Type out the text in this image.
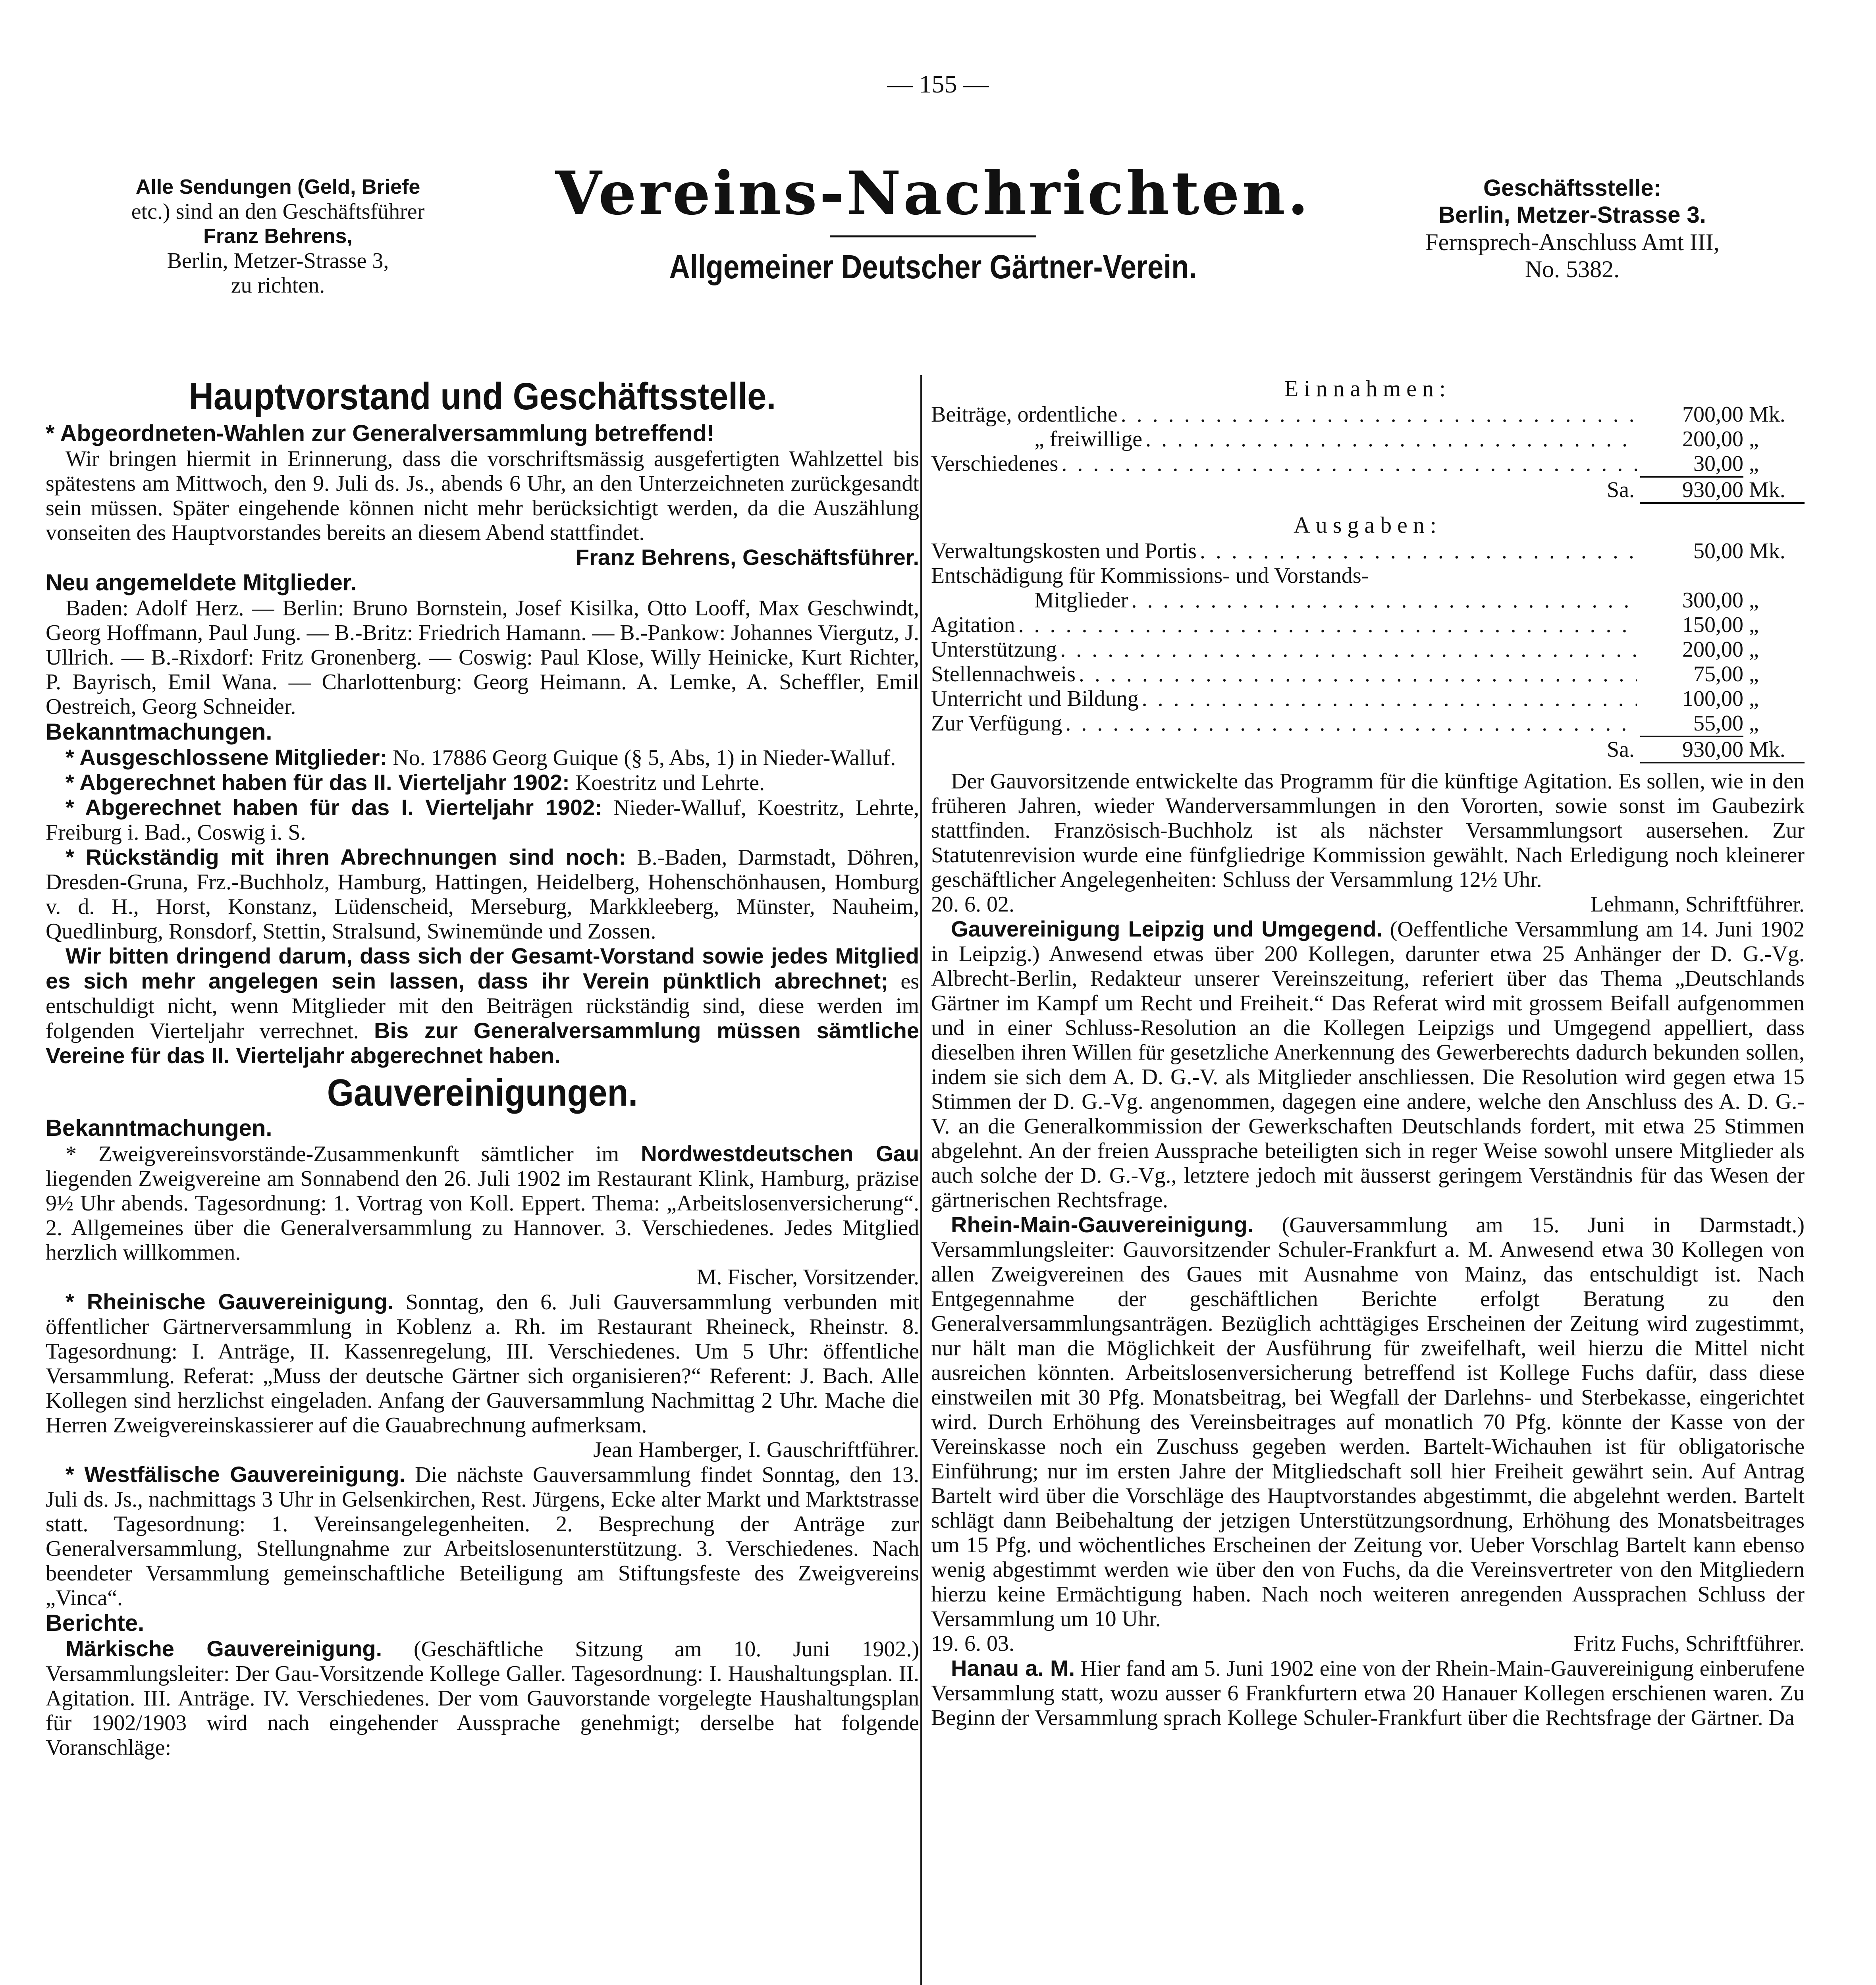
— 155 —
Alle Sendungen (Geld, Briefe
etc.) sind an den Geschäftsführer
Franz Behrens,
Berlin, Metzer-Strasse 3,
zu richten.
Vereins-Nachrichten.
Allgemeiner Deutscher Gärtner-Verein.
Geschäftsstelle:
Berlin, Metzer-Strasse 3.
Fernsprech-Anschluss Amt III,
No. 5382.
Hauptvorstand und Geschäftsstelle.

* Abgeordneten-Wahlen zur Generalversammlung betreffend!

Wir bringen hiermit in Erinnerung, dass die vorschriftsmässig ausgefertigten Wahlzettel bis spätestens am Mittwoch, den 9. Juli ds. Js., abends 6 Uhr, an den Unterzeichneten zurückgesandt sein müssen. Später eingehende können nicht mehr berücksichtigt werden, da die Auszählung vonseiten des Hauptvorstandes bereits an diesem Abend stattfindet.

Franz Behrens, Geschäftsführer.

Neu angemeldete Mitglieder.

Baden: Adolf Herz. — Berlin: Bruno Bornstein, Josef Kisilka, Otto Looff, Max Geschwindt, Georg Hoffmann, Paul Jung. — B.-Britz: Friedrich Hamann. — B.-Pankow: Johannes Viergutz, J. Ullrich. — B.-Rixdorf: Fritz Gronenberg. — Coswig: Paul Klose, Willy Heinicke, Kurt Richter, P. Bayrisch, Emil Wana. — Charlottenburg: Georg Heimann. A. Lemke, A. Scheffler, Emil Oestreich, Georg Schneider.

Bekanntmachungen.

* Ausgeschlossene Mitglieder: No. 17886 Georg Guique (§ 5, Abs, 1) in Nieder-Walluf.

* Abgerechnet haben für das II. Vierteljahr 1902: Koestritz und Lehrte.

* Abgerechnet haben für das I. Vierteljahr 1902: Nieder-Walluf, Koestritz, Lehrte, Freiburg i. Bad., Coswig i. S.

* Rückständig mit ihren Abrechnungen sind noch: B.-Baden, Darmstadt, Döhren, Dresden-Gruna, Frz.-Buchholz, Hamburg, Hattingen, Heidelberg, Hohenschönhausen, Homburg v. d. H., Horst, Konstanz, Lüdenscheid, Merseburg, Markkleeberg, Münster, Nauheim, Quedlinburg, Ronsdorf, Stettin, Stralsund, Swinemünde und Zossen.

Wir bitten dringend darum, dass sich der Gesamt-Vorstand sowie jedes Mitglied es sich mehr angelegen sein lassen, dass ihr Verein pünktlich abrechnet; es entschuldigt nicht, wenn Mitglieder mit den Beiträgen rückständig sind, diese werden im folgenden Vierteljahr verrechnet. Bis zur Generalversammlung müssen sämtliche Vereine für das II. Vierteljahr abgerechnet haben.

Gauvereinigungen.

Bekanntmachungen.

* Zweigvereinsvorstände-Zusammenkunft sämtlicher im Nordwestdeutschen Gau liegenden Zweigvereine am Sonnabend den 26. Juli 1902 im Restaurant Klink, Hamburg, präzise 9½ Uhr abends. Tagesordnung: 1. Vortrag von Koll. Eppert. Thema: „Arbeitslosenversicherung“. 2. Allgemeines über die Generalversammlung zu Hannover. 3. Verschiedenes. Jedes Mitglied herzlich willkommen.

M. Fischer, Vorsitzender.

* Rheinische Gauvereinigung. Sonntag, den 6. Juli Gauversammlung verbunden mit öffentlicher Gärtnerversammlung in Koblenz a. Rh. im Restaurant Rheineck, Rheinstr. 8. Tagesordnung: I. Anträge, II. Kassenregelung, III. Verschiedenes. Um 5 Uhr: öffentliche Versammlung. Referat: „Muss der deutsche Gärtner sich organisieren?“ Referent: J. Bach. Alle Kollegen sind herzlichst eingeladen. Anfang der Gauversammlung Nachmittag 2 Uhr. Mache die Herren Zweigvereinskassierer auf die Gauabrechnung aufmerksam.

Jean Hamberger, I. Gauschriftführer.

* Westfälische Gauvereinigung. Die nächste Gauversammlung findet Sonntag, den 13. Juli ds. Js., nachmittags 3 Uhr in Gelsenkirchen, Rest. Jürgens, Ecke alter Markt und Marktstrasse statt. Tagesordnung: 1. Vereinsangelegenheiten. 2. Besprechung der Anträge zur Generalversammlung, Stellungnahme zur Arbeitslosenunterstützung. 3. Verschiedenes. Nach beendeter Versammlung gemeinschaftliche Beteiligung am Stiftungsfeste des Zweigvereins „Vinca“.

Berichte.

Märkische Gauvereinigung. (Geschäftliche Sitzung am 10. Juni 1902.) Versammlungsleiter: Der Gau-Vorsitzende Kollege Galler. Tagesordnung: I. Haushaltungsplan. II. Agitation. III. Anträge. IV. Verschiedenes. Der vom Gauvorstande vorgelegte Haushaltungsplan für 1902/1903 wird nach eingehender Aussprache genehmigt; derselbe hat folgende Voranschläge:

Einnahmen:
Beiträge, ordentliche . . .	700,00 Mk.
„ freiwillige . . .	200,00 „
Verschiedenes . . .	30,00 „
Sa.
	930,00 Mk.
Ausgaben:
Verwaltungskosten und Portis . . .	50,00 Mk.
Entschädigung für Kommissions- und Vorstands-
Mitglieder . . .	300,00 „
Agitation . . .	150,00 „
Unterstützung . . .	200,00 „
Stellennachweis . . .	75,00 „
Unterricht und Bildung . . .	100,00 „
Zur Verfügung . . .	55,00 „
Sa.
	930,00 Mk.

Der Gauvorsitzende entwickelte das Programm für die künftige Agitation. Es sollen, wie in den früheren Jahren, wieder Wanderversammlungen in den Vororten, sowie sonst im Gaubezirk stattfinden. Französisch-Buchholz ist als nächster Versammlungsort ausersehen. Zur Statutenrevision wurde eine fünfgliedrige Kommission gewählt. Nach Erledigung noch kleinerer geschäftlicher Angelegenheiten: Schluss der Versammlung 12½ Uhr.

20. 6. 02.	Lehmann, Schriftführer.

Gauvereinigung Leipzig und Umgegend. (Oeffentliche Versammlung am 14. Juni 1902 in Leipzig.) Anwesend etwas über 200 Kollegen, darunter etwa 25 Anhänger der D. G.-Vg. Albrecht-Berlin, Redakteur unserer Vereinszeitung, referiert über das Thema „Deutschlands Gärtner im Kampf um Recht und Freiheit.“ Das Referat wird mit grossem Beifall aufgenommen und in einer Schluss-Resolution an die Kollegen Leipzigs und Umgegend appelliert, dass dieselben ihren Willen für gesetzliche Anerkennung des Gewerberechts dadurch bekunden sollen, indem sie sich dem A. D. G.-V. als Mitglieder anschliessen. Die Resolution wird gegen etwa 15 Stimmen der D. G.-Vg. angenommen, dagegen eine andere, welche den Anschluss des A. D. G.-V. an die Generalkommission der Gewerkschaften Deutschlands fordert, mit etwa 25 Stimmen abgelehnt. An der freien Aussprache beteiligten sich in reger Weise sowohl unsere Mitglieder als auch solche der D. G.-Vg., letztere jedoch mit äusserst geringem Verständnis für das Wesen der gärtnerischen Rechtsfrage.

Rhein-Main-Gauvereinigung. (Gauversammlung am 15. Juni in Darmstadt.) Versammlungsleiter: Gauvorsitzender Schuler-Frankfurt a. M. Anwesend etwa 30 Kollegen von allen Zweigvereinen des Gaues mit Ausnahme von Mainz, das entschuldigt ist. Nach Entgegennahme der geschäftlichen Berichte erfolgt Beratung zu den Generalversammlungsanträgen. Bezüglich achttägiges Erscheinen der Zeitung wird zugestimmt, nur hält man die Möglichkeit der Ausführung für zweifelhaft, weil hierzu die Mittel nicht ausreichen könnten. Arbeitslosenversicherung betreffend ist Kollege Fuchs dafür, dass diese einstweilen mit 30 Pfg. Monatsbeitrag, bei Wegfall der Darlehns- und Sterbekasse, eingerichtet wird. Durch Erhöhung des Vereinsbeitrages auf monatlich 70 Pfg. könnte der Kasse von der Vereinskasse noch ein Zuschuss gegeben werden. Bartelt-Wichauhen ist für obligatorische Einführung; nur im ersten Jahre der Mitgliedschaft soll hier Freiheit gewährt sein. Auf Antrag Bartelt wird über die Vorschläge des Hauptvorstandes abgestimmt, die abgelehnt werden. Bartelt schlägt dann Beibehaltung der jetzigen Unterstützungsordnung, Erhöhung des Monatsbeitrages um 15 Pfg. und wöchentliches Erscheinen der Zeitung vor. Ueber Vorschlag Bartelt kann ebenso wenig abgestimmt werden wie über den von Fuchs, da die Vereinsvertreter von den Mitgliedern hierzu keine Ermächtigung haben. Nach noch weiteren anregenden Aussprachen Schluss der Versammlung um 10 Uhr.

19. 6. 03.	Fritz Fuchs, Schriftführer.

Hanau a. M. Hier fand am 5. Juni 1902 eine von der Rhein-Main-Gauvereinigung einberufene Versammlung statt, wozu ausser 6 Frankfurtern etwa 20 Hanauer Kollegen erschienen waren. Zu Beginn der Versammlung sprach Kollege Schuler-Frankfurt über die Rechtsfrage der Gärtner. Da
